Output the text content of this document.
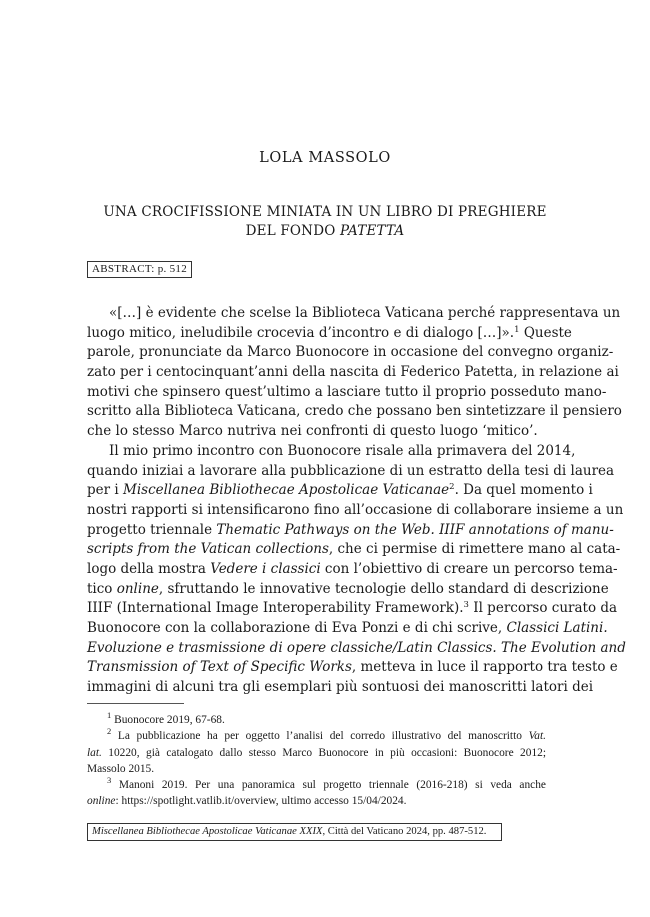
LOLA MASSOLO
UNA CROCIFISSIONE MINIATA IN UN LIBRO DI PREGHIERE
DEL FONDO PATETTA
ABSTRACT: p. 512
«[…] è evidente che scelse la Biblioteca Vaticana perché rappresentava un
luogo mitico, ineludibile crocevia d’incontro e di dialogo […]».$^1$ Queste
parole, pronunciate da Marco Buonocore in occasione del convegno organiz-
zato per i centocinquant’anni della nascita di Federico Patetta, in relazione ai
motivi che spinsero quest’ultimo a lasciare tutto il proprio posseduto mano-
scritto alla Biblioteca Vaticana, credo che possano ben sintetizzare il pensiero
che lo stesso Marco nutriva nei confronti di questo luogo ‘mitico’.
Il mio primo incontro con Buonocore risale alla primavera del 2014,
quando iniziai a lavorare alla pubblicazione di un estratto della tesi di laurea
per i Miscellanea Bibliothecae Apostolicae Vaticanae$^2$. Da quel momento i
nostri rapporti si intensificarono fino all’occasione di collaborare insieme a un
progetto triennale Thematic Pathways on the Web. IIIF annotations of manu-
scripts from the Vatican collections, che ci permise di rimettere mano al cata-
logo della mostra Vedere i classici con l’obiettivo di creare un percorso tema-
tico online, sfruttando le innovative tecnologie dello standard di descrizione
IIIF (International Image Interoperability Framework).$^3$ Il percorso curato da
Buonocore con la collaborazione di Eva Ponzi e di chi scrive, Classici Latini.
Evoluzione e trasmissione di opere classiche/Latin Classics. The Evolution and
Transmission of Text of Specific Works, metteva in luce il rapporto tra testo e
immagini di alcuni tra gli esemplari più sontuosi dei manoscritti latori dei
$^1$ Buonocore 2019, 67-68.
$^2$ La pubblicazione ha per oggetto l’analisi del corredo illustrativo del manoscritto Vat.
lat. 10220, già catalogato dallo stesso Marco Buonocore in più occasioni: Buonocore 2012;
Massolo 2015.
$^3$ Manoni 2019. Per una panoramica sul progetto triennale (2016-218) si veda anche
online: https://spotlight.vatlib.it/overview, ultimo accesso 15/04/2024.
Miscellanea Bibliothecae Apostolicae Vaticanae XXIX, Città del Vaticano 2024, pp. 487-512.
